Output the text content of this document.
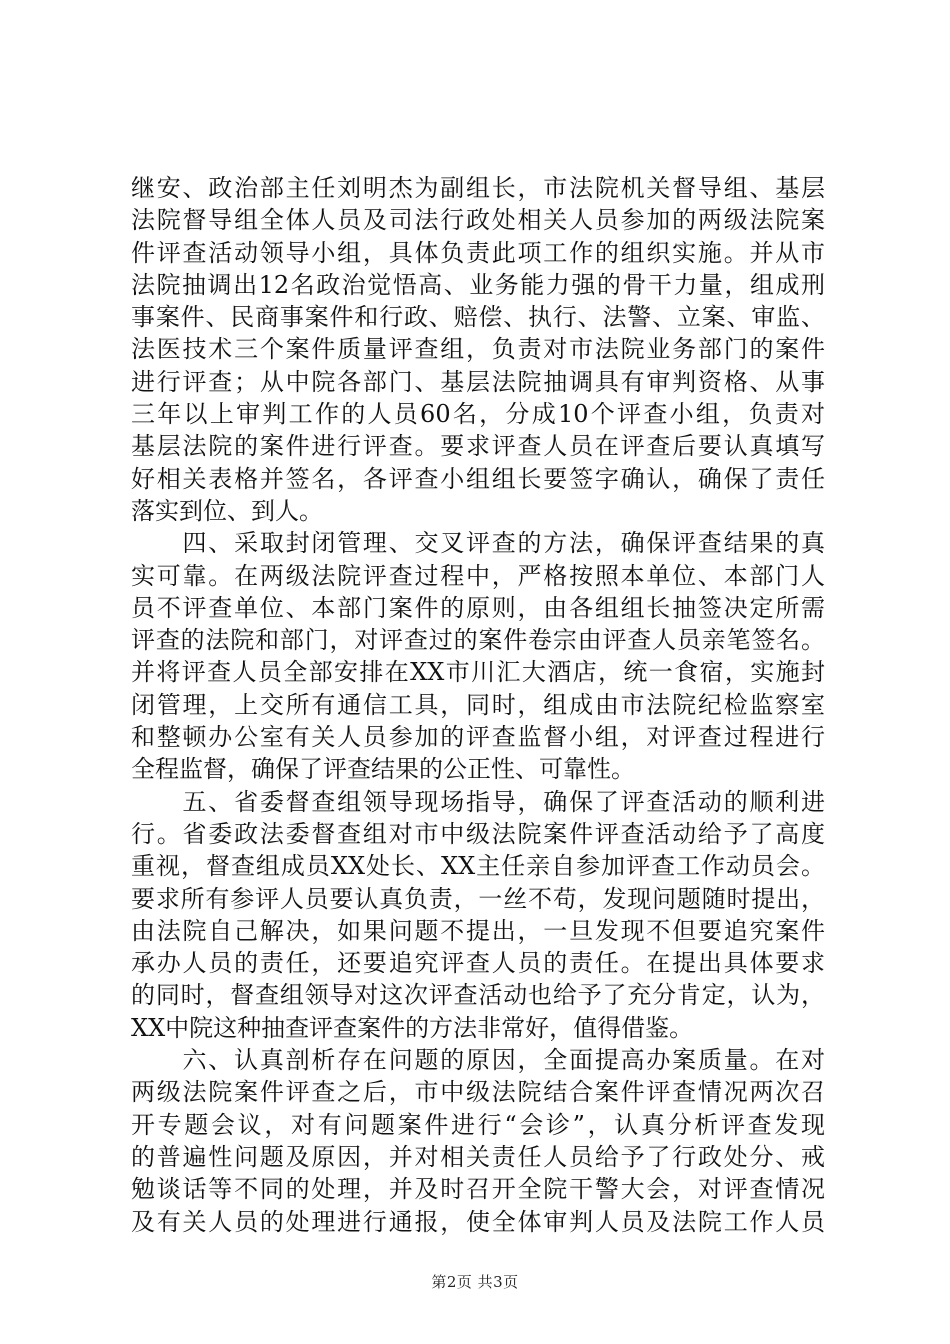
继安、政治部主任刘明杰为副组长，市法院机关督导组、基层
法院督导组全体人员及司法行政处相关人员参加的两级法院案
件评查活动领导小组，具体负责此项工作的组织实施。并从市
法院抽调出12名政治觉悟高、业务能力强的骨干力量，组成刑
事案件、民商事案件和行政、赔偿、执行、法警、立案、审监、
法医技术三个案件质量评查组，负责对市法院业务部门的案件
进行评查；从中院各部门、基层法院抽调具有审判资格、从事
三年以上审判工作的人员60名，分成10个评查小组，负责对
基层法院的案件进行评查。要求评查人员在评查后要认真填写
好相关表格并签名，各评查小组组长要签字确认，确保了责任
落实到位、到人。
　　四、采取封闭管理、交叉评查的方法，确保评查结果的真
实可靠。在两级法院评查过程中，严格按照本单位、本部门人
员不评查单位、本部门案件的原则，由各组组长抽签决定所需
评查的法院和部门，对评查过的案件卷宗由评查人员亲笔签名。
并将评查人员全部安排在XX市川汇大酒店，统一食宿，实施封
闭管理，上交所有通信工具，同时，组成由市法院纪检监察室
和整顿办公室有关人员参加的评查监督小组，对评查过程进行
全程监督，确保了评查结果的公正性、可靠性。
　　五、省委督查组领导现场指导，确保了评查活动的顺利进
行。省委政法委督查组对市中级法院案件评查活动给予了高度
重视，督查组成员XX处长、XX主任亲自参加评查工作动员会。
要求所有参评人员要认真负责，一丝不苟，发现问题随时提出，
由法院自己解决，如果问题不提出，一旦发现不但要追究案件
承办人员的责任，还要追究评查人员的责任。在提出具体要求
的同时，督查组领导对这次评查活动也给予了充分肯定，认为，
XX中院这种抽查评查案件的方法非常好，值得借鉴。
　　六、认真剖析存在问题的原因，全面提高办案质量。在对
两级法院案件评查之后，市中级法院结合案件评查情况两次召
开专题会议，对有问题案件进行“会诊”，认真分析评查发现
的普遍性问题及原因，并对相关责任人员给予了行政处分、戒
勉谈话等不同的处理，并及时召开全院干警大会，对评查情况
及有关人员的处理进行通报，使全体审判人员及法院工作人员
第2页 共3页
